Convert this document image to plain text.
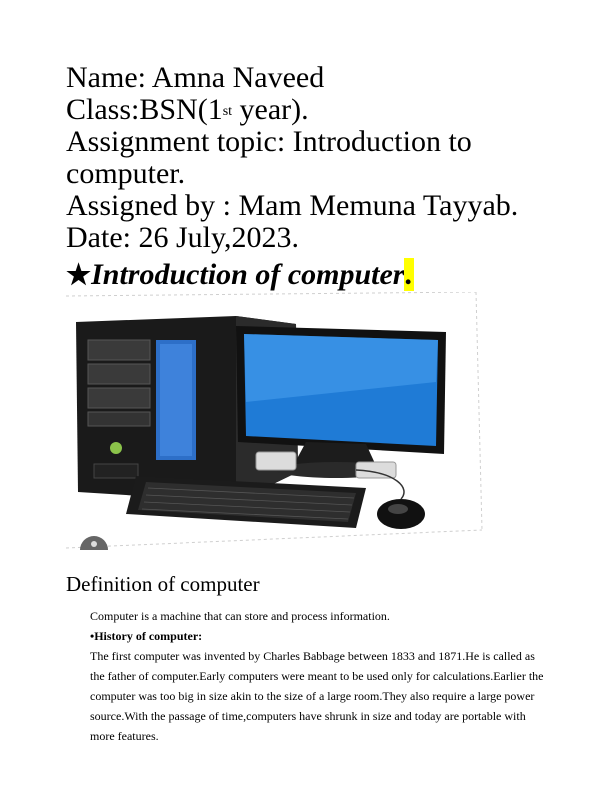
Name: Amna Naveed
Class:BSN(1st year).
Assignment topic: Introduction to
computer.
Assigned by : Mam Memuna Tayyab.
Date: 26 July,2023.
★Introduction of computer.
Definition of computer

Computer is a machine that can store and process information.

•History of computer:

The first computer was invented by Charles Babbage between 1833 and 1871.He is called as the father of computer.Early computers were meant to be used only for calculations.Earlier the computer was too big in size akin to the size of a large room.They also require a large power source.With the passage of time,computers have shrunk in size and today are portable with more features.
